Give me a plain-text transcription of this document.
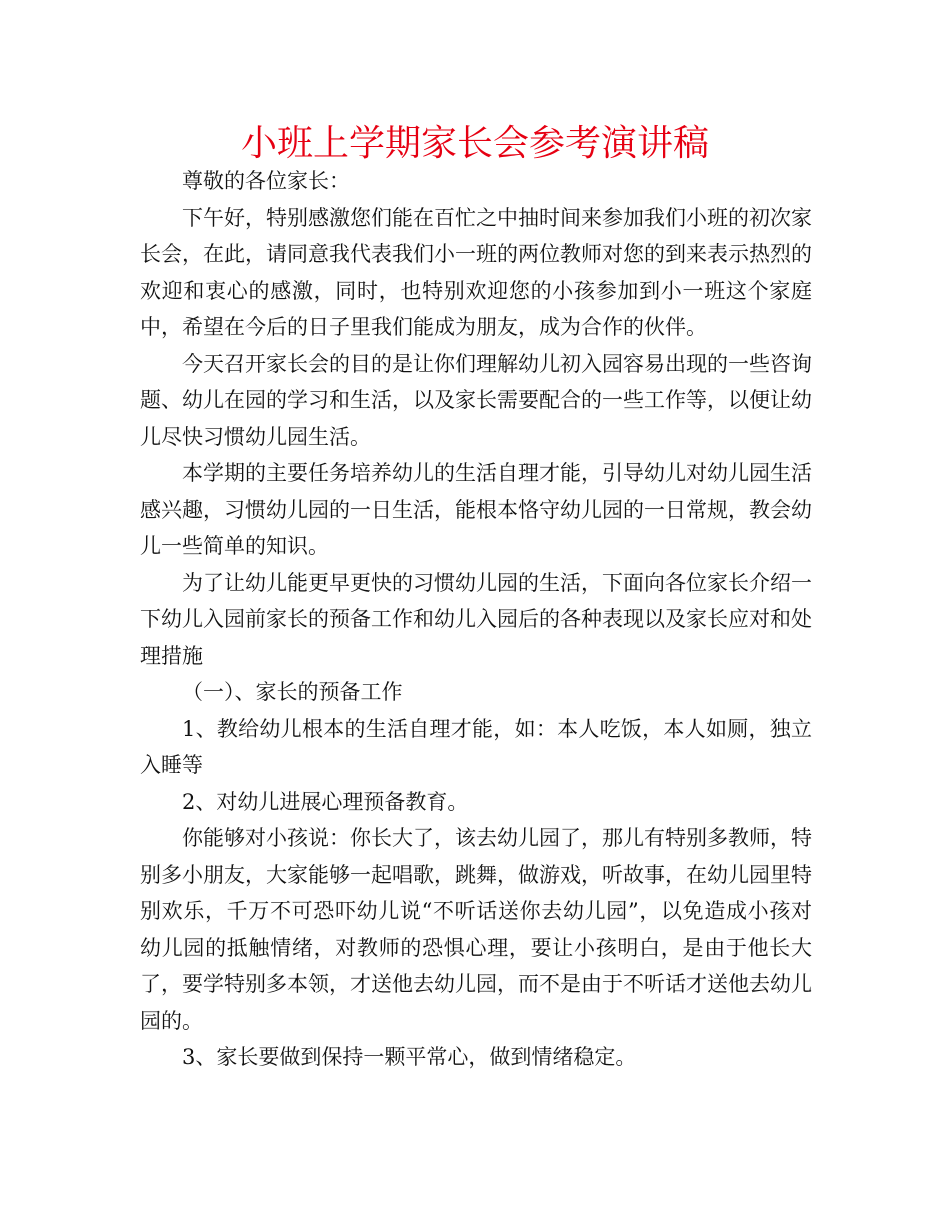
小班上学期家长会参考演讲稿

尊敬的各位家长：

下午好，特别感激您们能在百忙之中抽时间来参加我们小班的初次家长会，在此，请同意我代表我们小一班的两位教师对您的到来表示热烈的欢迎和衷心的感激，同时，也特别欢迎您的小孩参加到小一班这个家庭中，希望在今后的日子里我们能成为朋友，成为合作的伙伴。

今天召开家长会的目的是让你们理解幼儿初入园容易出现的一些咨询题、幼儿在园的学习和生活，以及家长需要配合的一些工作等，以便让幼儿尽快习惯幼儿园生活。

本学期的主要任务培养幼儿的生活自理才能，引导幼儿对幼儿园生活感兴趣，习惯幼儿园的一日生活，能根本恪守幼儿园的一日常规，教会幼儿一些简单的知识。

为了让幼儿能更早更快的习惯幼儿园的生活，下面向各位家长介绍一下幼儿入园前家长的预备工作和幼儿入园后的各种表现以及家长应对和处理措施

（一）、家长的预备工作

1、教给幼儿根本的生活自理才能，如：本人吃饭，本人如厕，独立入睡等

2、对幼儿进展心理预备教育。

你能够对小孩说：你长大了，该去幼儿园了，那儿有特别多教师，特别多小朋友，大家能够一起唱歌，跳舞，做游戏，听故事，在幼儿园里特别欢乐，千万不可恐吓幼儿说“不听话送你去幼儿园”，以免造成小孩对幼儿园的抵触情绪，对教师的恐惧心理，要让小孩明白，是由于他长大了，要学特别多本领，才送他去幼儿园，而不是由于不听话才送他去幼儿园的。

3、家长要做到保持一颗平常心，做到情绪稳定。
